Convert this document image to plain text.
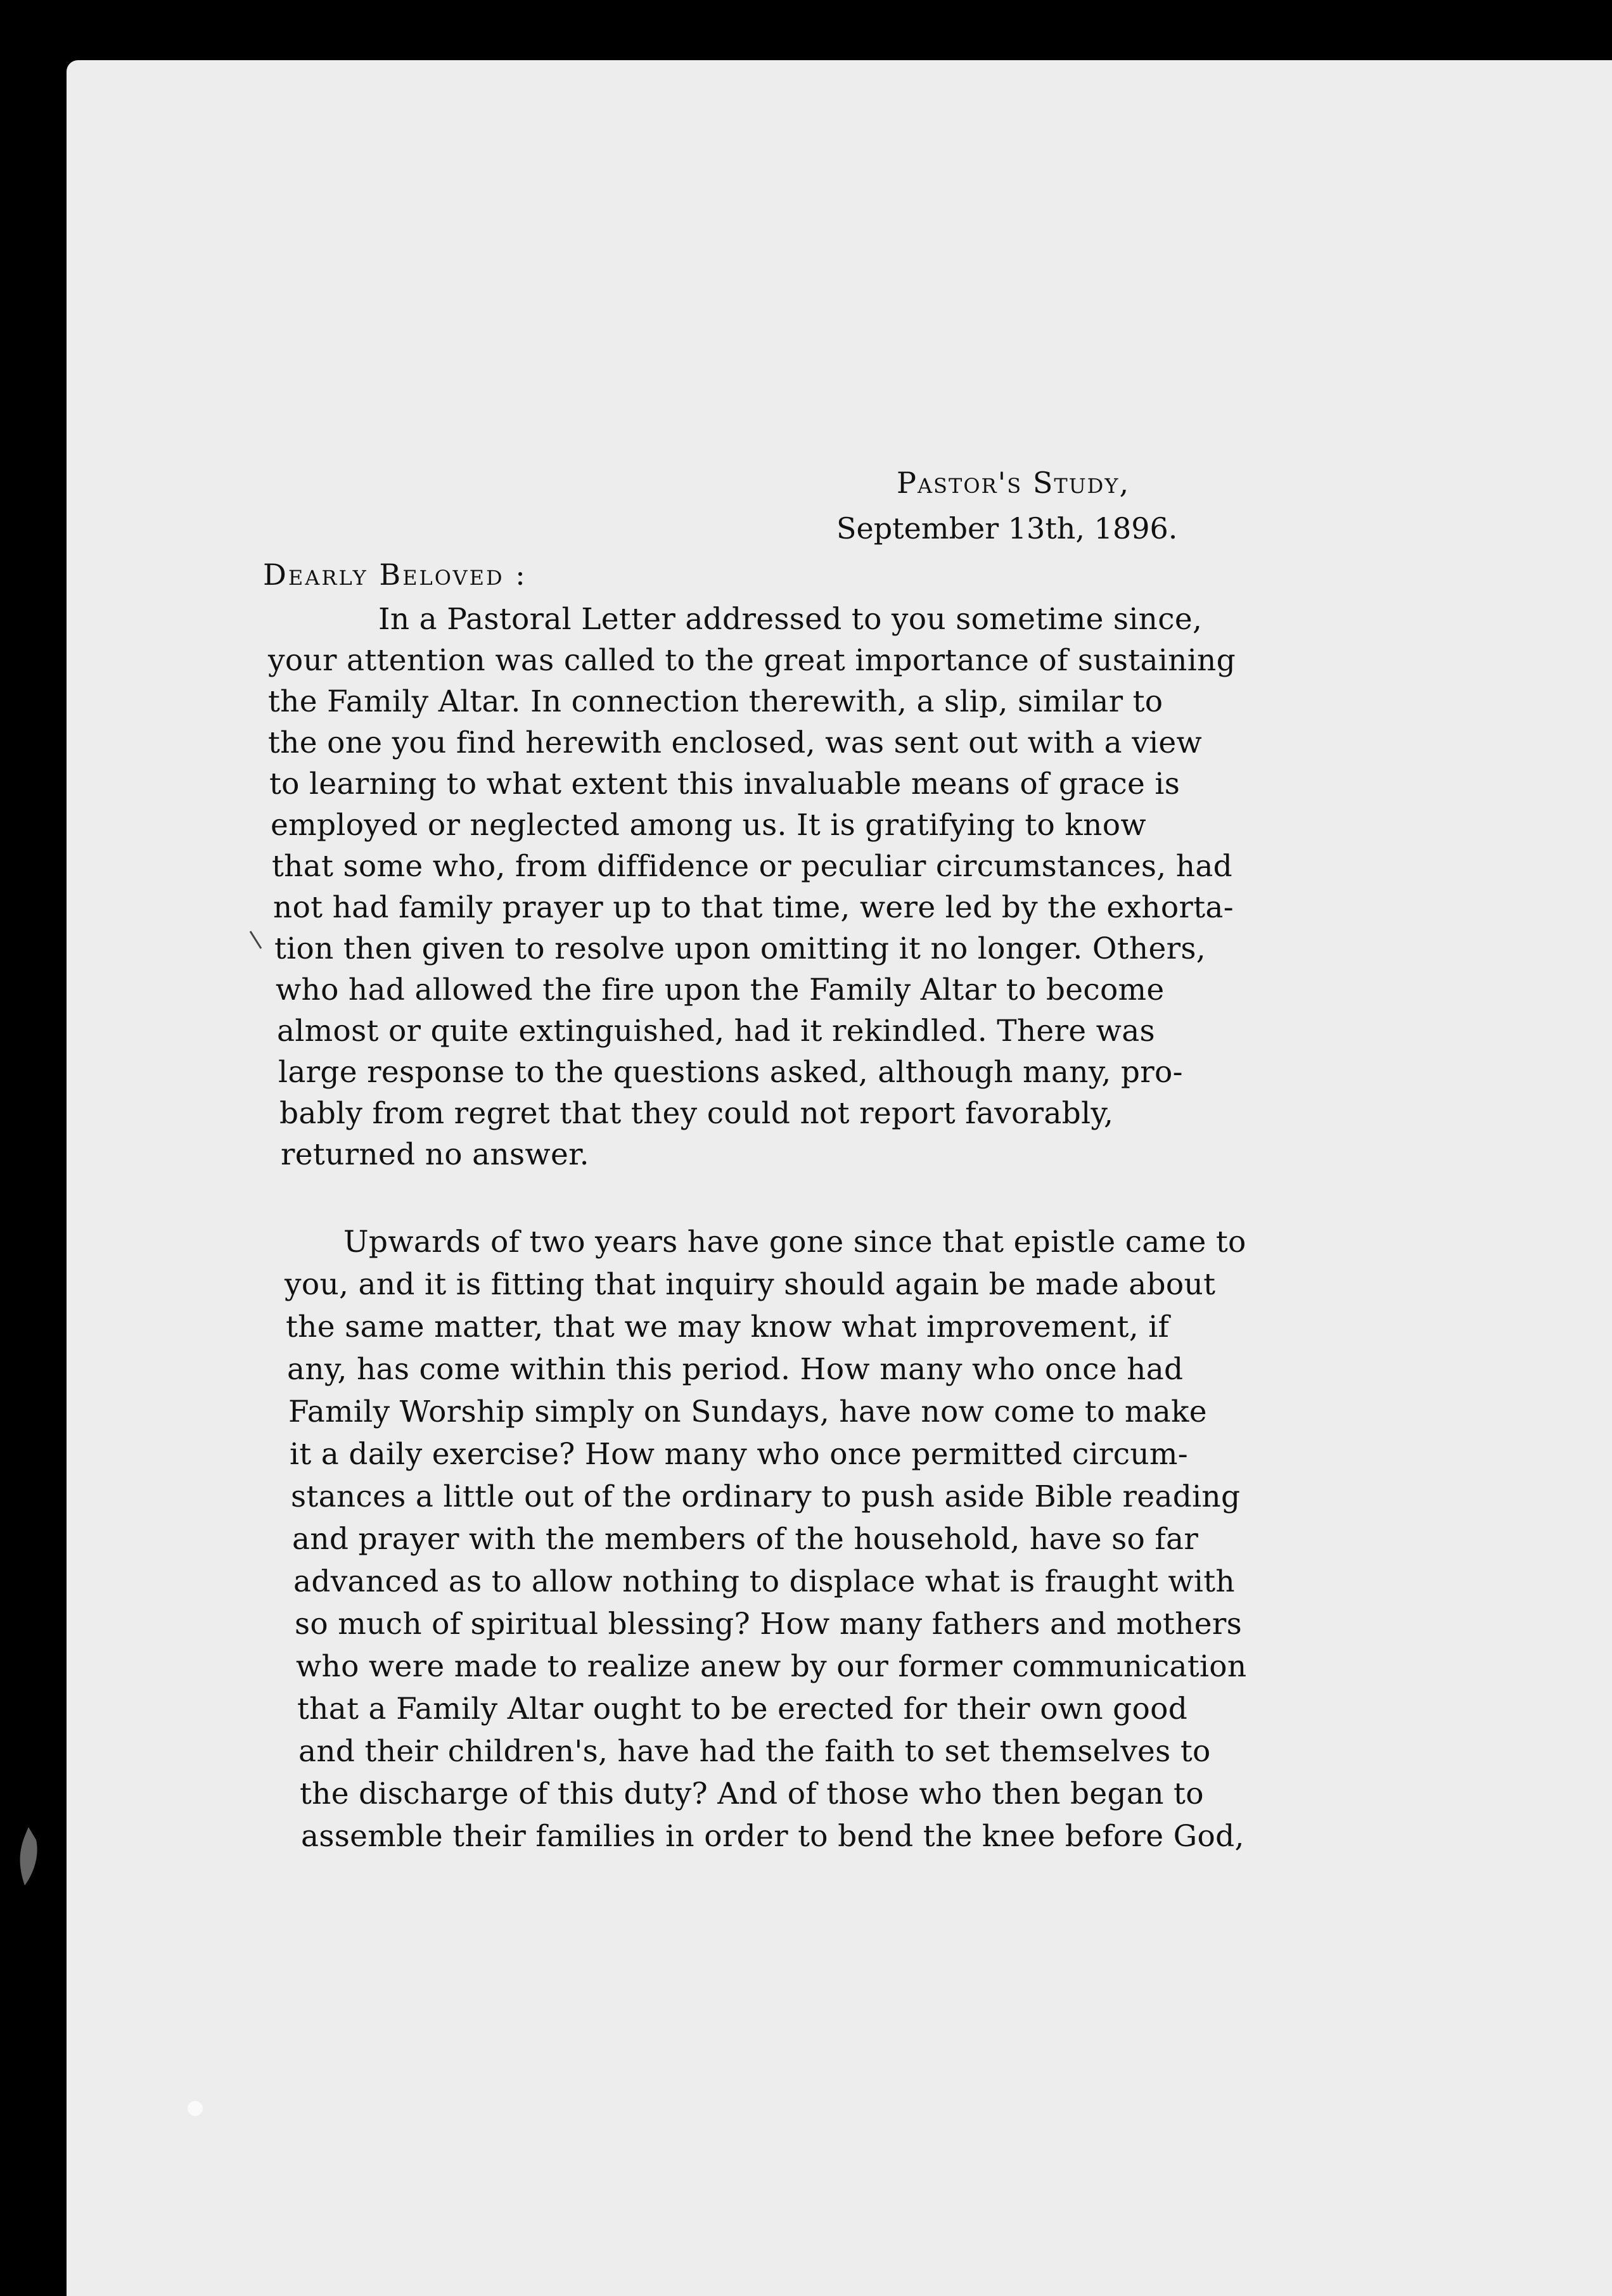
Pastor's Study,
September 13th, 1896.
Dearly Beloved :
In a Pastoral Letter addressed to you sometime since,
your attention was called to the great importance of sustaining
the Family Altar. In connection therewith, a slip, similar to
the one you find herewith enclosed, was sent out with a view
to learning to what extent this invaluable means of grace is
employed or neglected among us. It is gratifying to know
that some who, from diffidence or peculiar circumstances, had
not had family prayer up to that time, were led by the exhorta-
tion then given to resolve upon omitting it no longer. Others,
who had allowed the fire upon the Family Altar to become
almost or quite extinguished, had it rekindled. There was
large response to the questions asked, although many, pro-
bably from regret that they could not report favorably,
returned no answer.
Upwards of two years have gone since that epistle came to
you, and it is fitting that inquiry should again be made about
the same matter, that we may know what improvement, if
any, has come within this period. How many who once had
Family Worship simply on Sundays, have now come to make
it a daily exercise? How many who once permitted circum-
stances a little out of the ordinary to push aside Bible reading
and prayer with the members of the household, have so far
advanced as to allow nothing to displace what is fraught with
so much of spiritual blessing? How many fathers and mothers
who were made to realize anew by our former communication
that a Family Altar ought to be erected for their own good
and their children's, have had the faith to set themselves to
the discharge of this duty? And of those who then began to
assemble their families in order to bend the knee before God,
